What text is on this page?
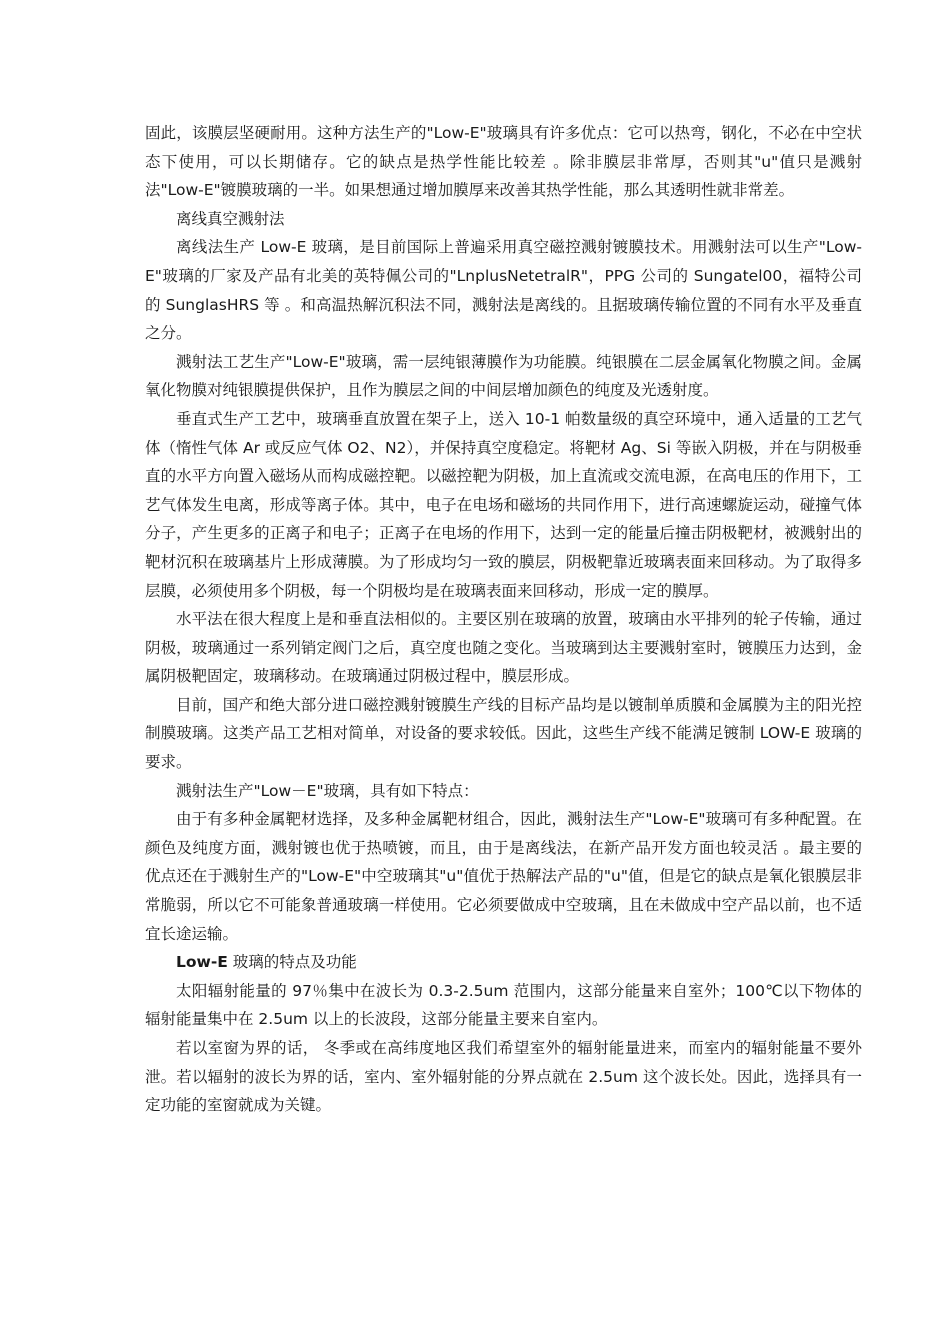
固此，该膜层坚硬耐用。这种方法生产的"Low-E"玻璃具有许多优点：它可以热弯，钢化，不必在中空状态下使用，可以长期储存。它的缺点是热学性能比较差 。除非膜层非常厚，否则其"u"值只是溅射法"Low-E"镀膜玻璃的一半。如果想通过增加膜厚来改善其热学性能，那么其透明性就非常差。

离线真空溅射法

离线法生产 Low-E 玻璃，是目前国际上普遍采用真空磁控溅射镀膜技术。用溅射法可以生产"Low-E"玻璃的厂家及产品有北美的英特佩公司的"LnplusNetetralR"，PPG 公司的 Sungatel00，福特公司的 SunglasHRS 等 。和高温热解沉积法不同，溅射法是离线的。且据玻璃传输位置的不同有水平及垂直之分。

溅射法工艺生产"Low-E"玻璃，需一层纯银薄膜作为功能膜。纯银膜在二层金属氧化物膜之间。金属氧化物膜对纯银膜提供保护，且作为膜层之间的中间层增加颜色的纯度及光透射度。

垂直式生产工艺中，玻璃垂直放置在架子上，送入 10-1 帕数量级的真空环境中，通入适量的工艺气体（惰性气体 Ar 或反应气体 O2、N2），并保持真空度稳定。将靶材 Ag、Si 等嵌入阴极，并在与阴极垂直的水平方向置入磁场从而构成磁控靶。以磁控靶为阴极，加上直流或交流电源，在高电压的作用下，工艺气体发生电离，形成等离子体。其中，电子在电场和磁场的共同作用下，进行高速螺旋运动，碰撞气体分子，产生更多的正离子和电子；正离子在电场的作用下，达到一定的能量后撞击阴极靶材，被溅射出的靶材沉积在玻璃基片上形成薄膜。为了形成均匀一致的膜层，阴极靶靠近玻璃表面来回移动。为了取得多层膜，必须使用多个阴极，每一个阴极均是在玻璃表面来回移动，形成一定的膜厚。

水平法在很大程度上是和垂直法相似的。主要区别在玻璃的放置，玻璃由水平排列的轮子传输，通过阴极，玻璃通过一系列销定阀门之后，真空度也随之变化。当玻璃到达主要溅射室时，镀膜压力达到，金属阴极靶固定，玻璃移动。在玻璃通过阴极过程中，膜层形成。

目前，国产和绝大部分进口磁控溅射镀膜生产线的目标产品均是以镀制单质膜和金属膜为主的阳光控制膜玻璃。这类产品工艺相对简单，对设备的要求较低。因此，这些生产线不能满足镀制 LOW-E 玻璃的要求。

溅射法生产"Low－E"玻璃，具有如下特点：

由于有多种金属靶材选择，及多种金属靶材组合，因此，溅射法生产"Low-E"玻璃可有多种配置。在颜色及纯度方面，溅射镀也优于热喷镀，而且，由于是离线法，在新产品开发方面也较灵活 。最主要的优点还在于溅射生产的"Low-E"中空玻璃其"u"值优于热解法产品的"u"值，但是它的缺点是氧化银膜层非常脆弱，所以它不可能象普通玻璃一样使用。它必须要做成中空玻璃，且在未做成中空产品以前，也不适宜长途运输。

Low-E 玻璃的特点及功能

太阳辐射能量的 97％集中在波长为 0.3-2.5um 范围内，这部分能量来自室外；100℃以下物体的辐射能量集中在 2.5um 以上的长波段，这部分能量主要来自室内。

若以室窗为界的话， 冬季或在高纬度地区我们希望室外的辐射能量进来，而室内的辐射能量不要外泄。若以辐射的波长为界的话，室内、室外辐射能的分界点就在 2.5um 这个波长处。因此，选择具有一定功能的室窗就成为关键。
